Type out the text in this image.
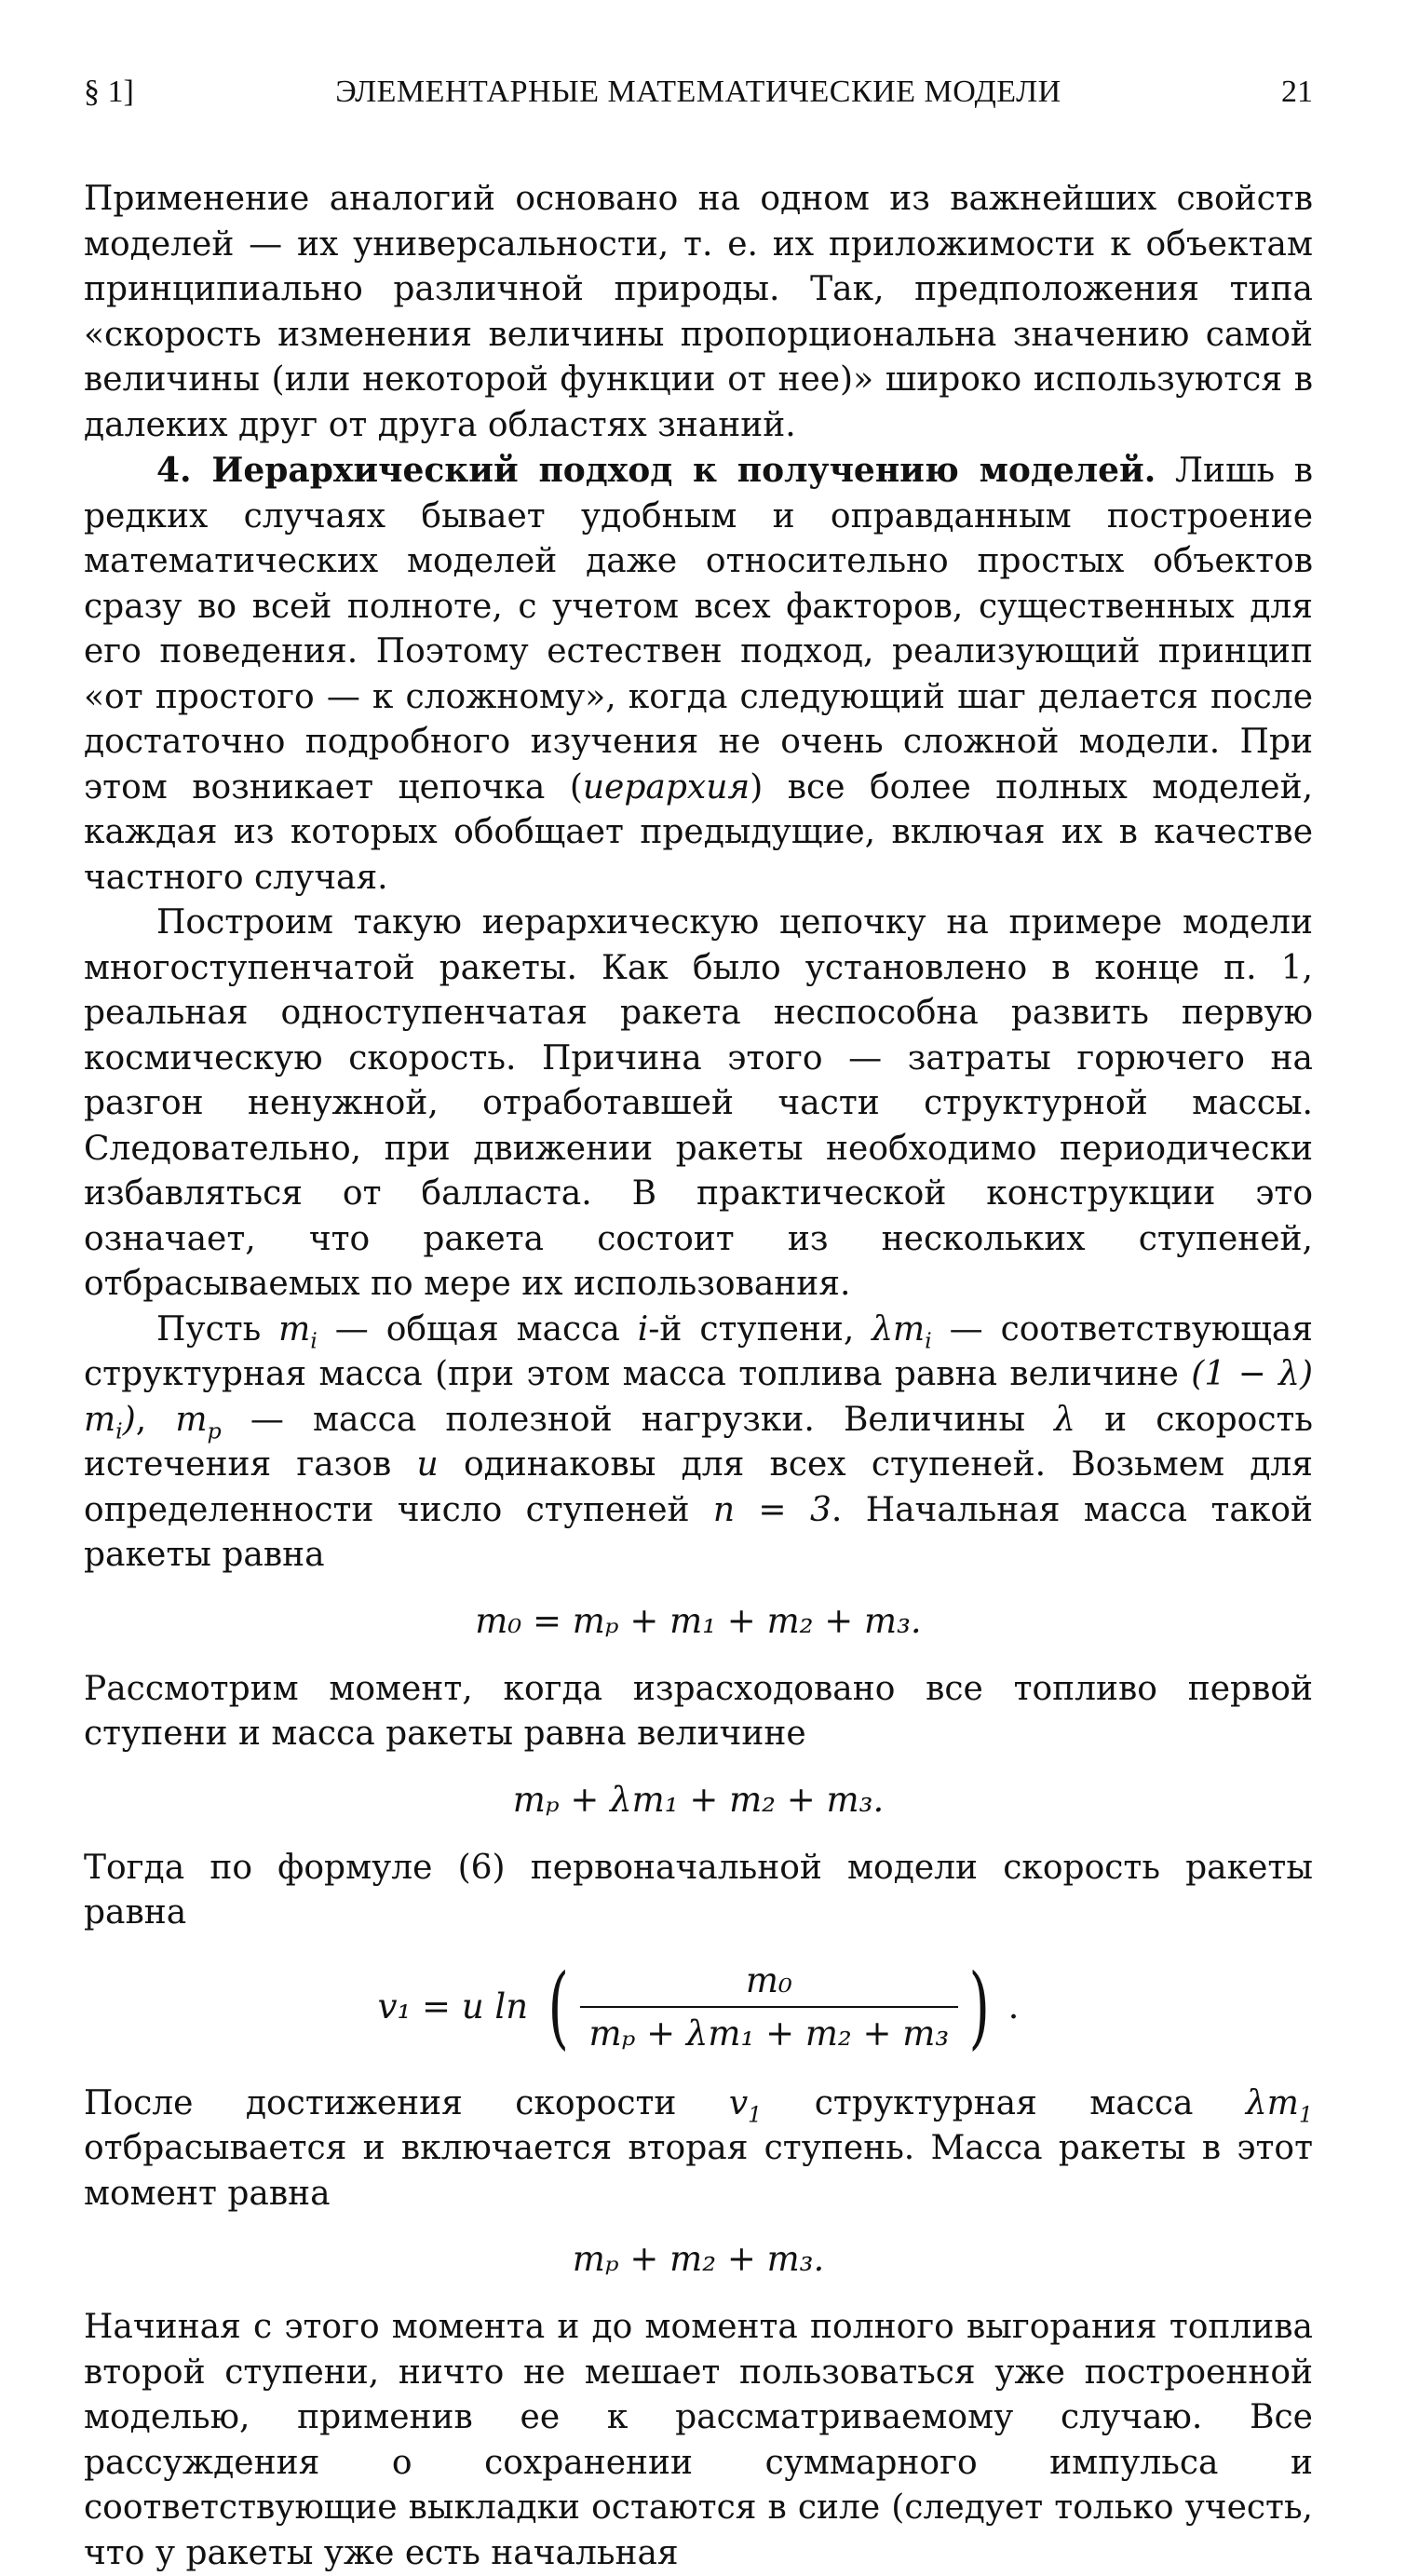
§ 1]	ЭЛЕМЕНТАРНЫЕ МАТЕМАТИЧЕСКИЕ МОДЕЛИ	21

Применение аналогий основано на одном из важнейших свойств моделей — их универсальности, т. е. их приложимости к объектам принципиально различной природы. Так, предположения типа «скорость изменения величины пропорциональна значению самой величины (или некоторой функции от нее)» широко используются в далеких друг от друга областях знаний.

4. Иерархический подход к получению моделей. Лишь в редких случаях бывает удобным и оправданным построение математических моделей даже относительно простых объектов сразу во всей полноте, с учетом всех факторов, существенных для его поведения. Поэтому естествен подход, реализующий принцип «от простого — к сложному», когда следующий шаг делается после достаточно подробного изучения не очень сложной модели. При этом возникает цепочка (иерархия) все более полных моделей, каждая из которых обобщает предыдущие, включая их в качестве частного случая.

Построим такую иерархическую цепочку на примере модели многоступенчатой ракеты. Как было установлено в конце п. 1, реальная одноступенчатая ракета неспособна развить первую космическую скорость. Причина этого — затраты горючего на разгон ненужной, отработавшей части структурной массы. Следовательно, при движении ракеты необходимо периодически избавляться от балласта. В практической конструкции это означает, что ракета состоит из нескольких ступеней, отбрасываемых по мере их использования.

Пусть $m_i$ — общая масса i-й ступени, $\lambda m_i$ — соответствующая структурная масса (при этом масса топлива равна величине (1 − λ) $m_i$), $m_p$ — масса полезной нагрузки. Величины λ и скорость истечения газов u одинаковы для всех ступеней. Возьмем для определенности число ступеней n = 3. Начальная масса такой ракеты равна

m₀ = mₚ + m₁ + m₂ + m₃.

Рассмотрим момент, когда израсходовано все топливо первой ступени и масса ракеты равна величине

mₚ + λm₁ + m₂ + m₃.

Тогда по формуле (6) первоначальной модели скорость ракеты равна

v₁ = u ln ( $\frac{\text{m₀}}{\text{mₚ + λm₁ + m₂ + m₃}}$ ) .

После достижения скорости $v_1$ структурная масса $\lambda m_1$ отбрасывается и включается вторая ступень. Масса ракеты в этот момент равна

mₚ + m₂ + m₃.

Начиная с этого момента и до момента полного выгорания топлива второй ступени, ничто не мешает пользоваться уже построенной моделью, применив ее к рассматриваемому случаю. Все рассуждения о сохранении суммарного импульса и соответствующие выкладки остаются в силе (следует только учесть, что у ракеты уже есть начальная
